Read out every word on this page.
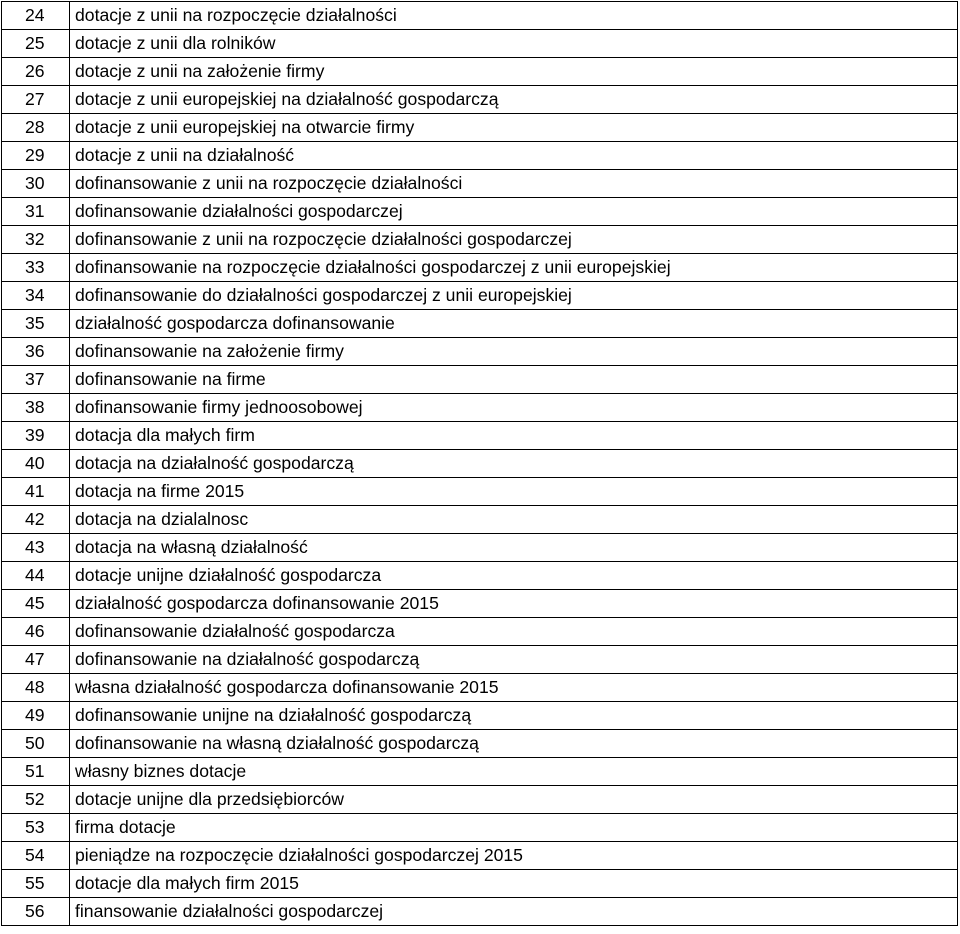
24	dotacje z unii na rozpoczęcie działalności
25	dotacje z unii dla rolników
26	dotacje z unii na założenie firmy
27	dotacje z unii europejskiej na działalność gospodarczą
28	dotacje z unii europejskiej na otwarcie firmy
29	dotacje z unii na działalność
30	dofinansowanie z unii na rozpoczęcie działalności
31	dofinansowanie działalności gospodarczej
32	dofinansowanie z unii na rozpoczęcie działalności gospodarczej
33	dofinansowanie na rozpoczęcie działalności gospodarczej z unii europejskiej
34	dofinansowanie do działalności gospodarczej z unii europejskiej
35	działalność gospodarcza dofinansowanie
36	dofinansowanie na założenie firmy
37	dofinansowanie na firme
38	dofinansowanie firmy jednoosobowej
39	dotacja dla małych firm
40	dotacja na działalność gospodarczą
41	dotacja na firme 2015
42	dotacja na dzialalnosc
43	dotacja na własną działalność
44	dotacje unijne działalność gospodarcza
45	działalność gospodarcza dofinansowanie 2015
46	dofinansowanie działalność gospodarcza
47	dofinansowanie na działalność gospodarczą
48	własna działalność gospodarcza dofinansowanie 2015
49	dofinansowanie unijne na działalność gospodarczą
50	dofinansowanie na własną działalność gospodarczą
51	własny biznes dotacje
52	dotacje unijne dla przedsiębiorców
53	firma dotacje
54	pieniądze na rozpoczęcie działalności gospodarczej 2015
55	dotacje dla małych firm 2015
56	finansowanie działalności gospodarczej
